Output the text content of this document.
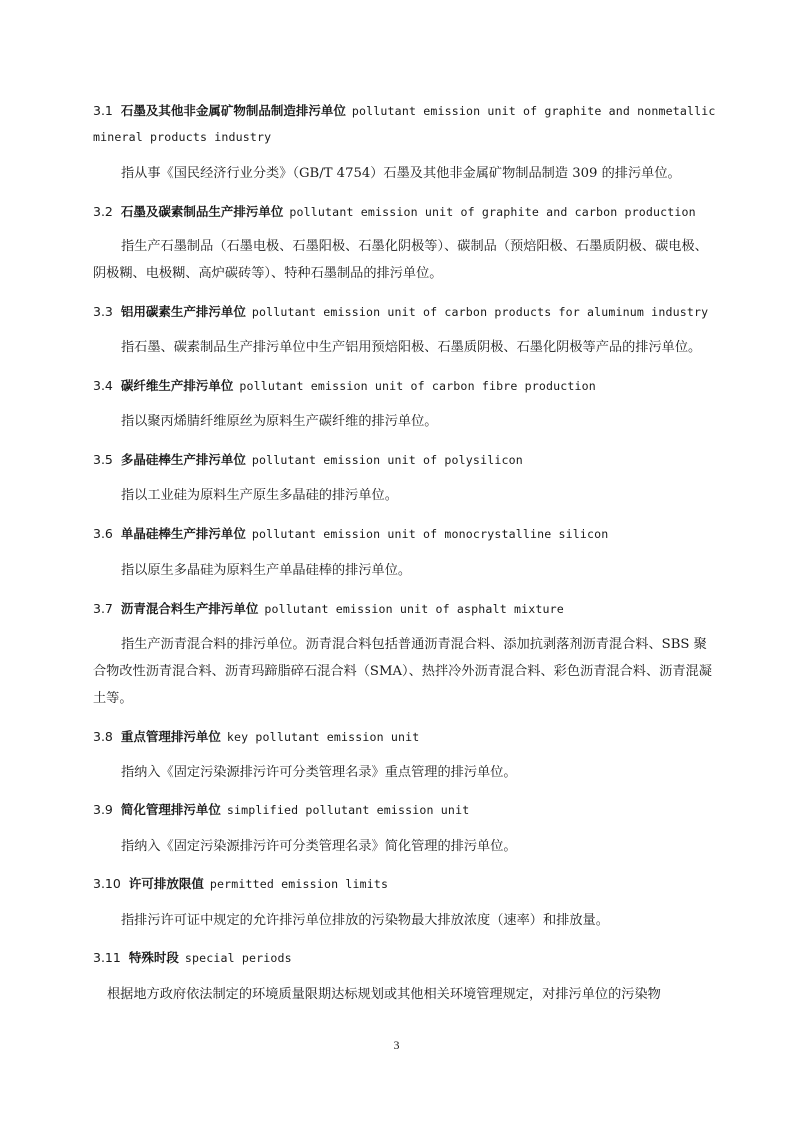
3.1 石墨及其他非金属矿物制品制造排污单位 pollutant emission unit of graphite and nonmetallic mineral products industry
指从事《国民经济行业分类》（GB/T 4754）石墨及其他非金属矿物制品制造 309 的排污单位。
3.2 石墨及碳素制品生产排污单位 pollutant emission unit of graphite and carbon production
指生产石墨制品（石墨电极、石墨阳极、石墨化阴极等）、碳制品（预焙阳极、石墨质阴极、碳电极、阴极糊、电极糊、高炉碳砖等）、特种石墨制品的排污单位。
3.3 铝用碳素生产排污单位 pollutant emission unit of carbon products for aluminum industry
指石墨、碳素制品生产排污单位中生产铝用预焙阳极、石墨质阴极、石墨化阴极等产品的排污单位。
3.4 碳纤维生产排污单位 pollutant emission unit of carbon fibre production
指以聚丙烯腈纤维原丝为原料生产碳纤维的排污单位。
3.5 多晶硅棒生产排污单位 pollutant emission unit of polysilicon
指以工业硅为原料生产原生多晶硅的排污单位。
3.6 单晶硅棒生产排污单位 pollutant emission unit of monocrystalline silicon
指以原生多晶硅为原料生产单晶硅棒的排污单位。
3.7 沥青混合料生产排污单位 pollutant emission unit of asphalt mixture
指生产沥青混合料的排污单位。沥青混合料包括普通沥青混合料、添加抗剥落剂沥青混合料、SBS 聚合物改性沥青混合料、沥青玛蹄脂碎石混合料（SMA）、热拌冷外沥青混合料、彩色沥青混合料、沥青混凝土等。
3.8 重点管理排污单位 key pollutant emission unit
指纳入《固定污染源排污许可分类管理名录》重点管理的排污单位。
3.9 简化管理排污单位 simplified pollutant emission unit
指纳入《固定污染源排污许可分类管理名录》简化管理的排污单位。
3.10 许可排放限值 permitted emission limits
指排污许可证中规定的允许排污单位排放的污染物最大排放浓度（速率）和排放量。
3.11 特殊时段 special periods
根据地方政府依法制定的环境质量限期达标规划或其他相关环境管理规定，对排污单位的污染物
3
